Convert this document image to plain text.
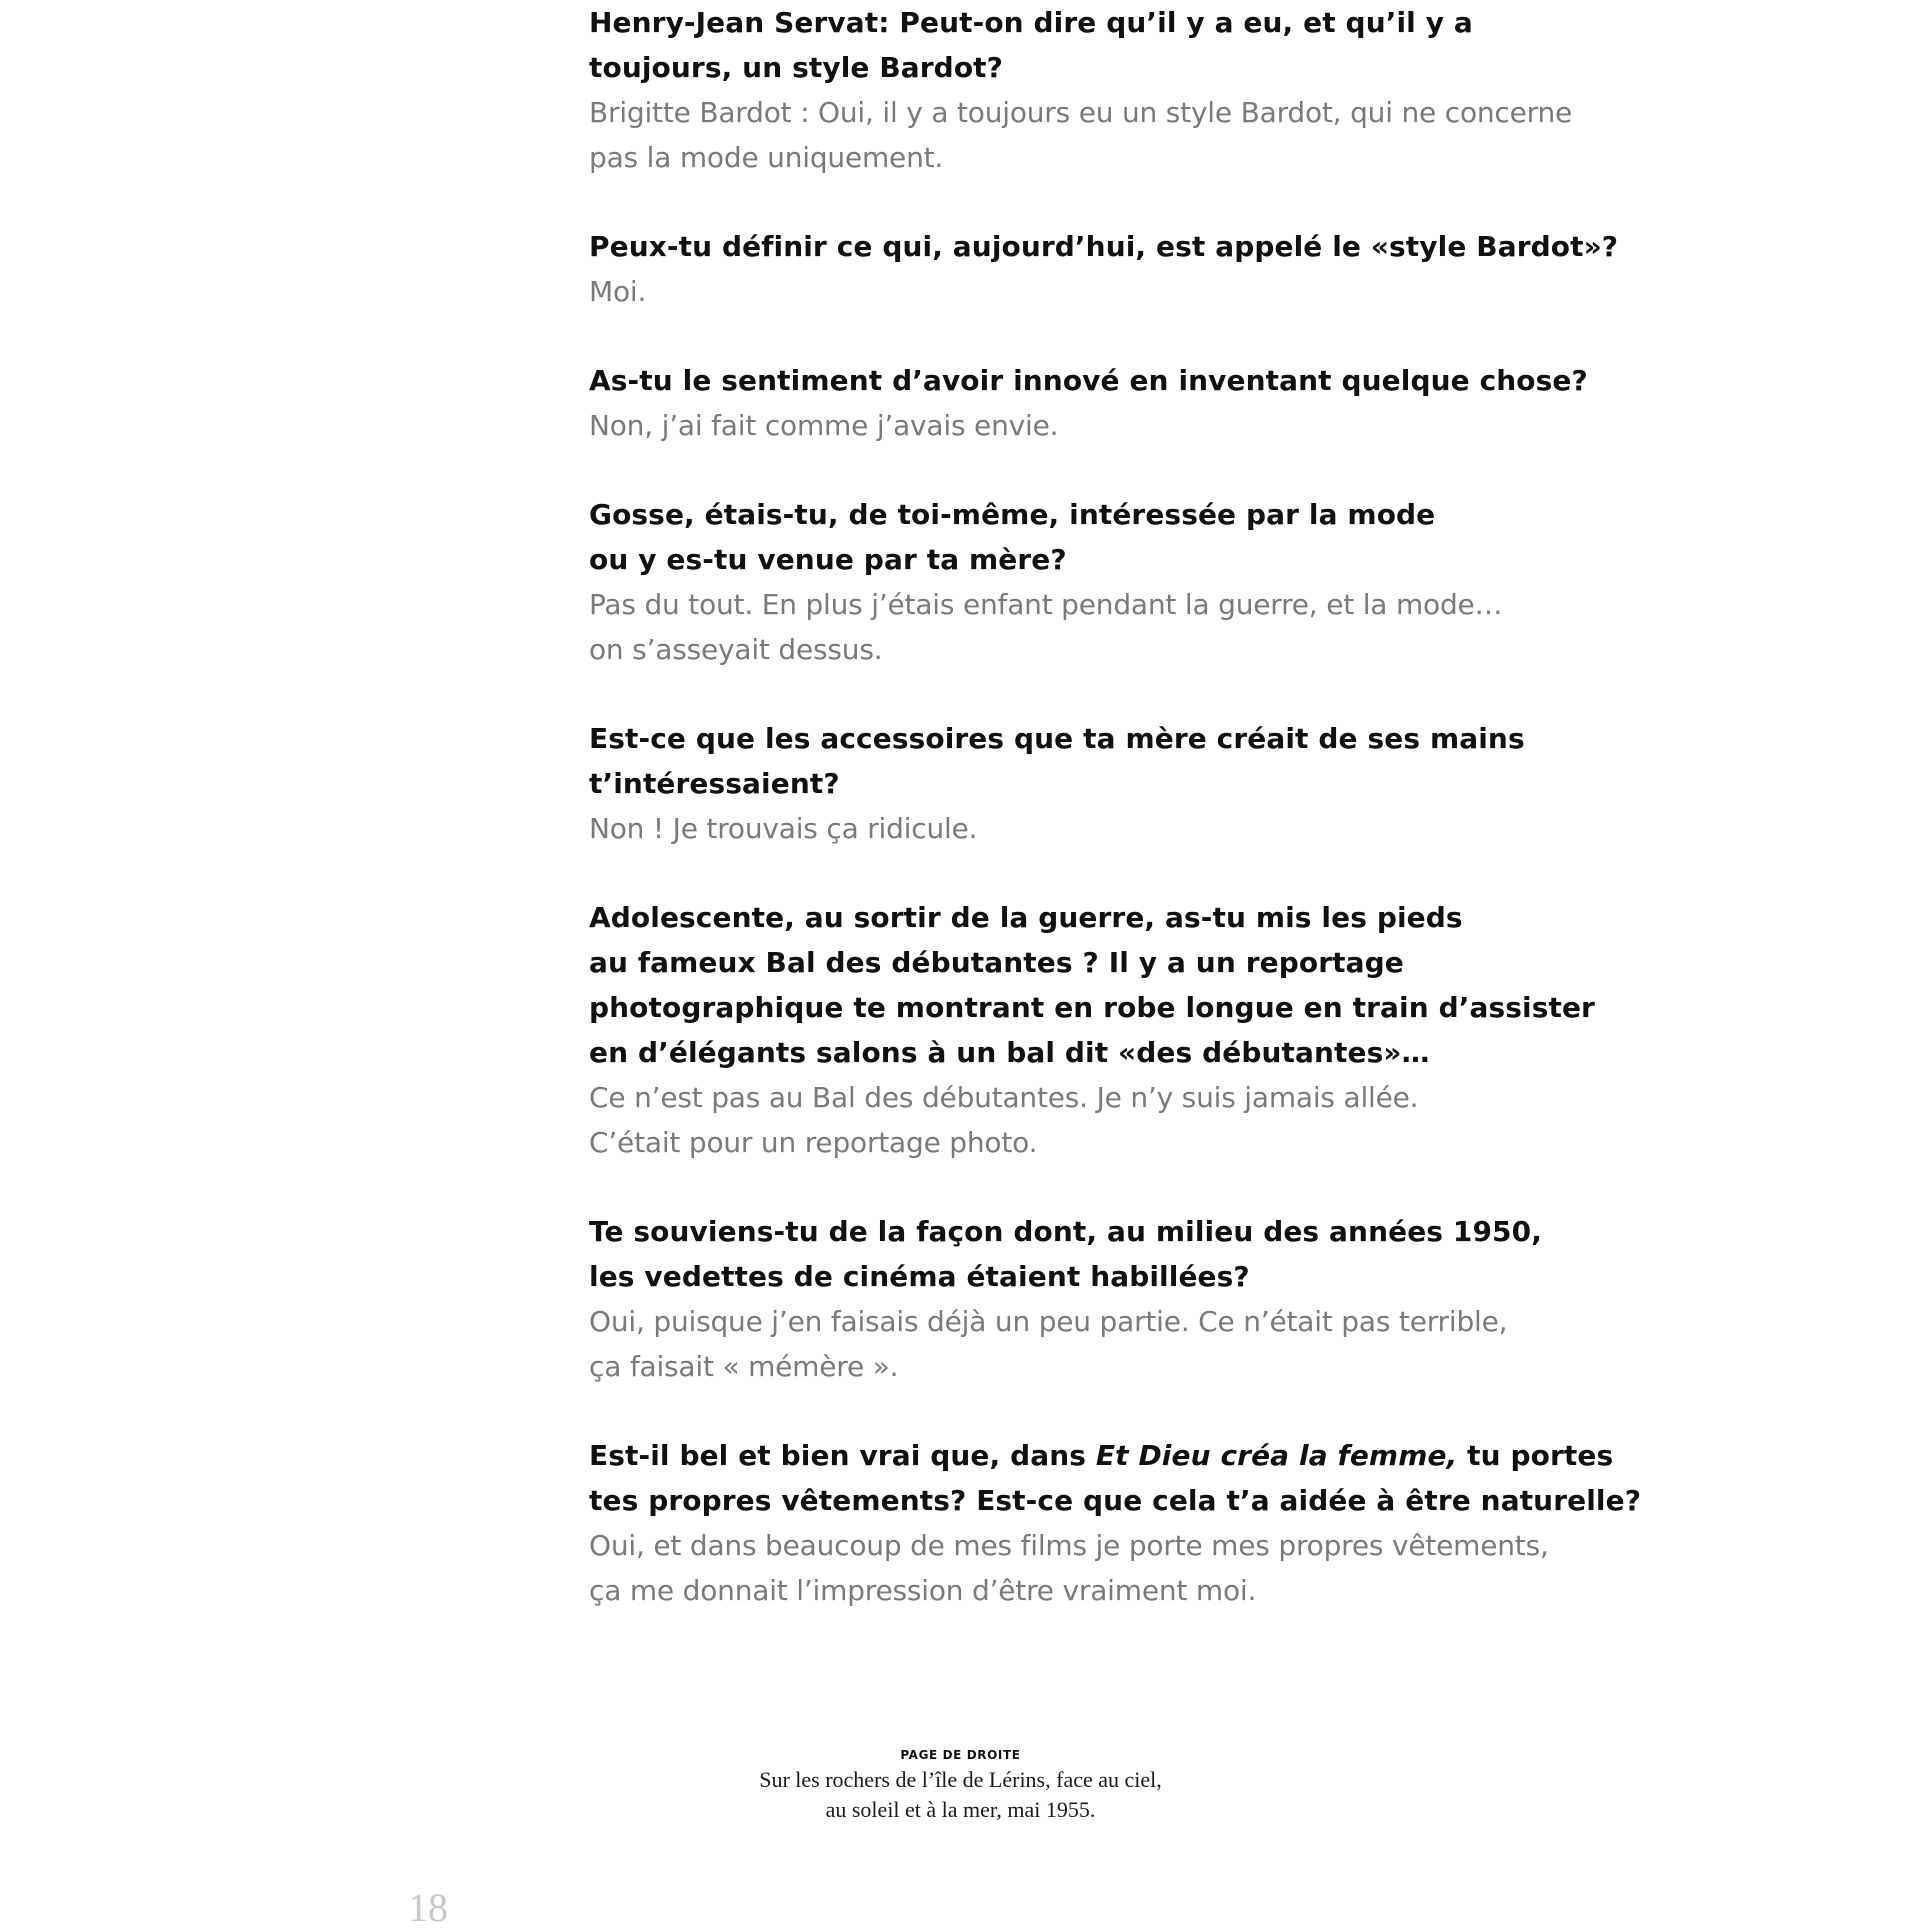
Henry-Jean Servat: Peut-on dire qu’il y a eu, et qu’il y a
toujours, un style Bardot?
Brigitte Bardot : Oui, il y a toujours eu un style Bardot, qui ne concerne
pas la mode uniquement.
Peux-tu définir ce qui, aujourd’hui, est appelé le «style Bardot»?
Moi.
As-tu le sentiment d’avoir innové en inventant quelque chose?
Non, j’ai fait comme j’avais envie.
Gosse, étais-tu, de toi-même, intéressée par la mode
ou y es-tu venue par ta mère?
Pas du tout. En plus j’étais enfant pendant la guerre, et la mode…
on s’asseyait dessus.
Est-ce que les accessoires que ta mère créait de ses mains
t’intéressaient?
Non ! Je trouvais ça ridicule.
Adolescente, au sortir de la guerre, as-tu mis les pieds
au fameux Bal des débutantes ? Il y a un reportage
photographique te montrant en robe longue en train d’assister
en d’élégants salons à un bal dit «des débutantes»…
Ce n’est pas au Bal des débutantes. Je n’y suis jamais allée.
C’était pour un reportage photo.
Te souviens-tu de la façon dont, au milieu des années 1950,
les vedettes de cinéma étaient habillées?
Oui, puisque j’en faisais déjà un peu partie. Ce n’était pas terrible,
ça faisait « mémère ».
Est-il bel et bien vrai que, dans Et Dieu créa la femme, tu portes
tes propres vêtements? Est-ce que cela t’a aidée à être naturelle?
Oui, et dans beaucoup de mes films je porte mes propres vêtements,
ça me donnait l’impression d’être vraiment moi.
PAGE DE DROITE
Sur les rochers de l’île de Lérins, face au ciel,
au soleil et à la mer, mai 1955.
18
